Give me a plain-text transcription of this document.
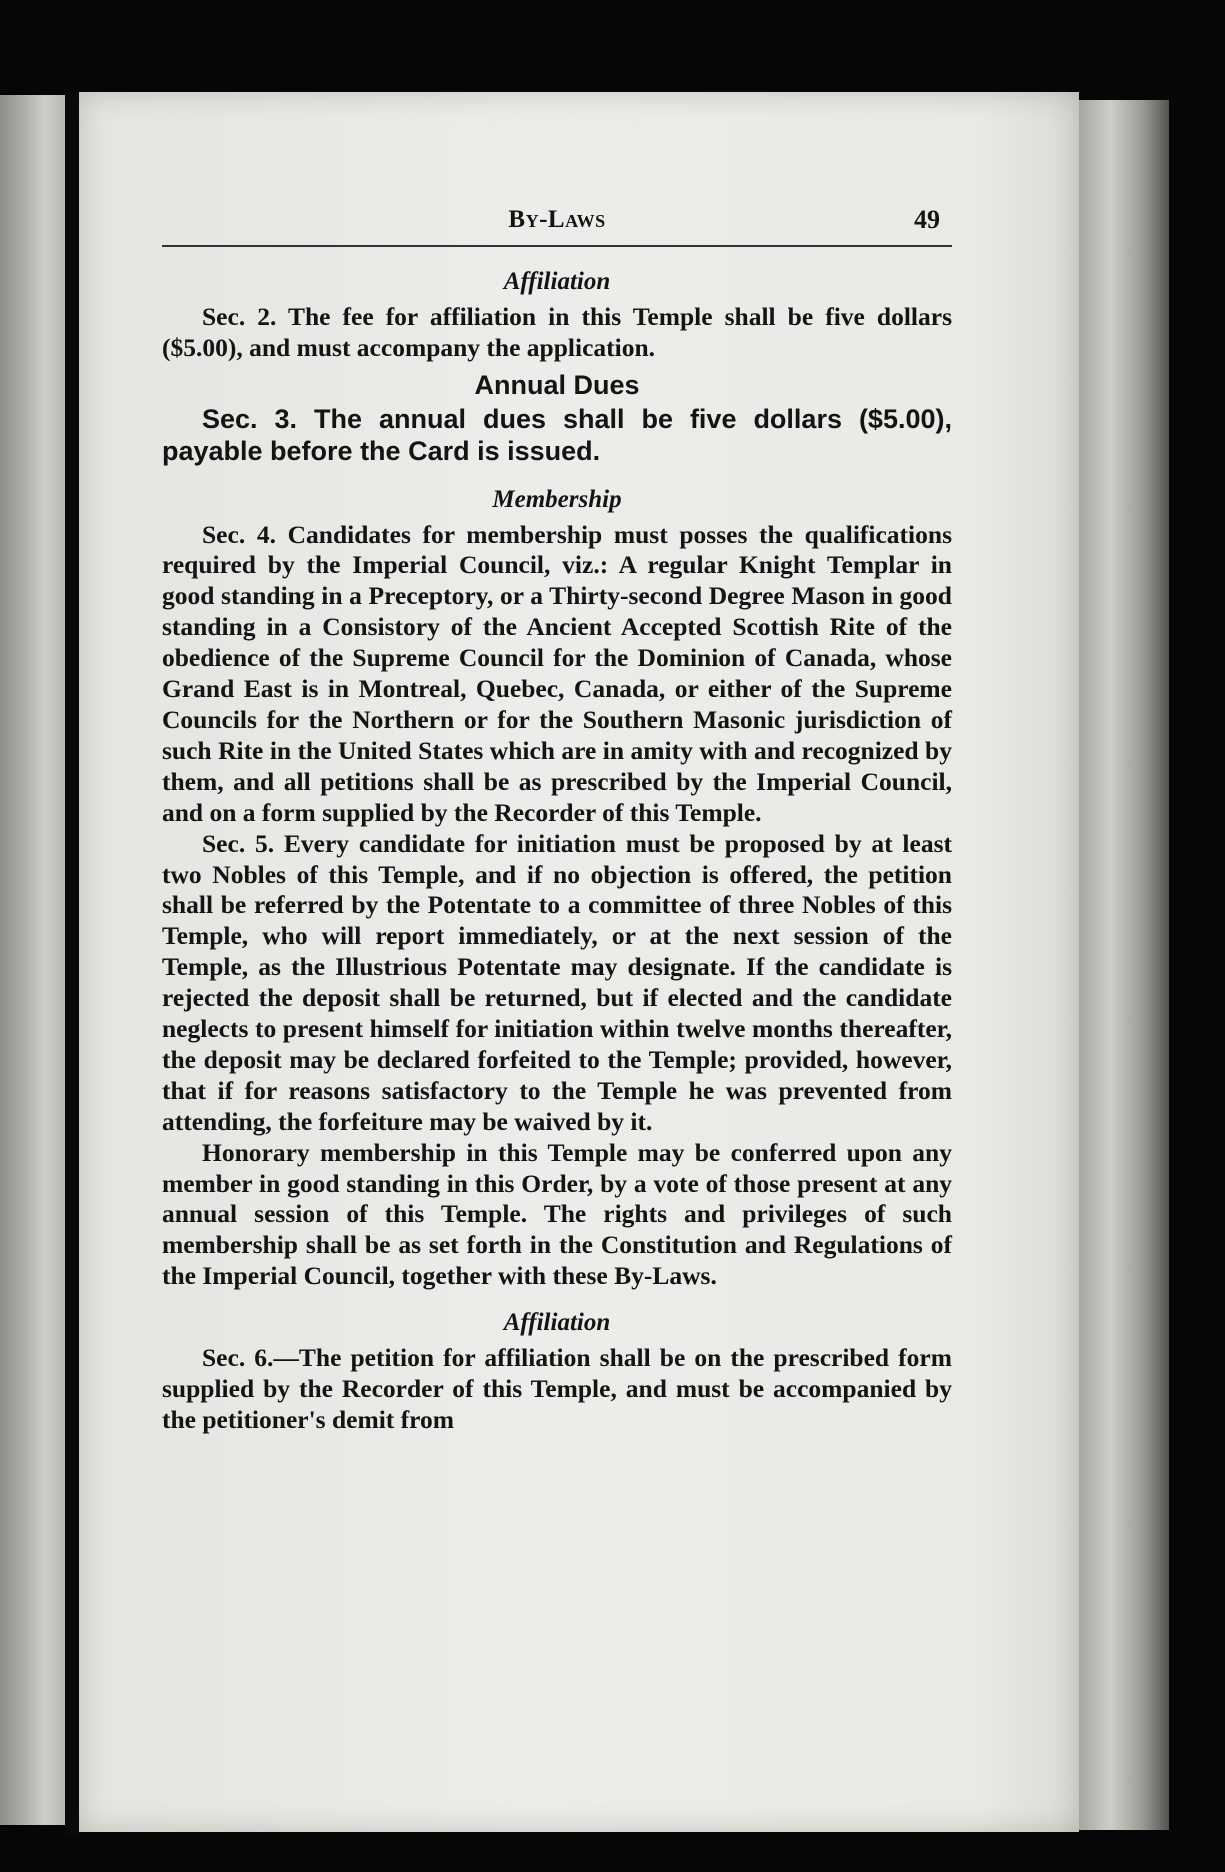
By-Laws	49
Affiliation

Sec. 2. The fee for affiliation in this Temple shall be five dollars ($5.00), and must accompany the application.

Annual Dues

Sec. 3. The annual dues shall be five dollars ($5.00), payable before the Card is issued.

Membership

Sec. 4. Candidates for membership must posses the qualifications required by the Imperial Council, viz.: A regular Knight Templar in good standing in a Preceptory, or a Thirty-second Degree Mason in good standing in a Consistory of the Ancient Accepted Scottish Rite of the obedience of the Supreme Council for the Dominion of Canada, whose Grand East is in Montreal, Quebec, Canada, or either of the Supreme Councils for the Northern or for the Southern Masonic jurisdiction of such Rite in the United States which are in amity with and recognized by them, and all petitions shall be as prescribed by the Imperial Council, and on a form supplied by the Recorder of this Temple.

Sec. 5. Every candidate for initiation must be proposed by at least two Nobles of this Temple, and if no objection is offered, the petition shall be referred by the Potentate to a committee of three Nobles of this Temple, who will report immediately, or at the next session of the Temple, as the Illustrious Potentate may designate. If the candidate is rejected the deposit shall be returned, but if elected and the candidate neglects to present himself for initiation within twelve months thereafter, the deposit may be declared forfeited to the Temple; provided, however, that if for reasons satisfactory to the Temple he was prevented from attending, the forfeiture may be waived by it.

Honorary membership in this Temple may be conferred upon any member in good standing in this Order, by a vote of those present at any annual session of this Temple. The rights and privileges of such membership shall be as set forth in the Constitution and Regulations of the Imperial Council, together with these By-Laws.

Affiliation

Sec. 6.—The petition for affiliation shall be on the prescribed form supplied by the Recorder of this Temple, and must be accompanied by the petitioner's demit from
